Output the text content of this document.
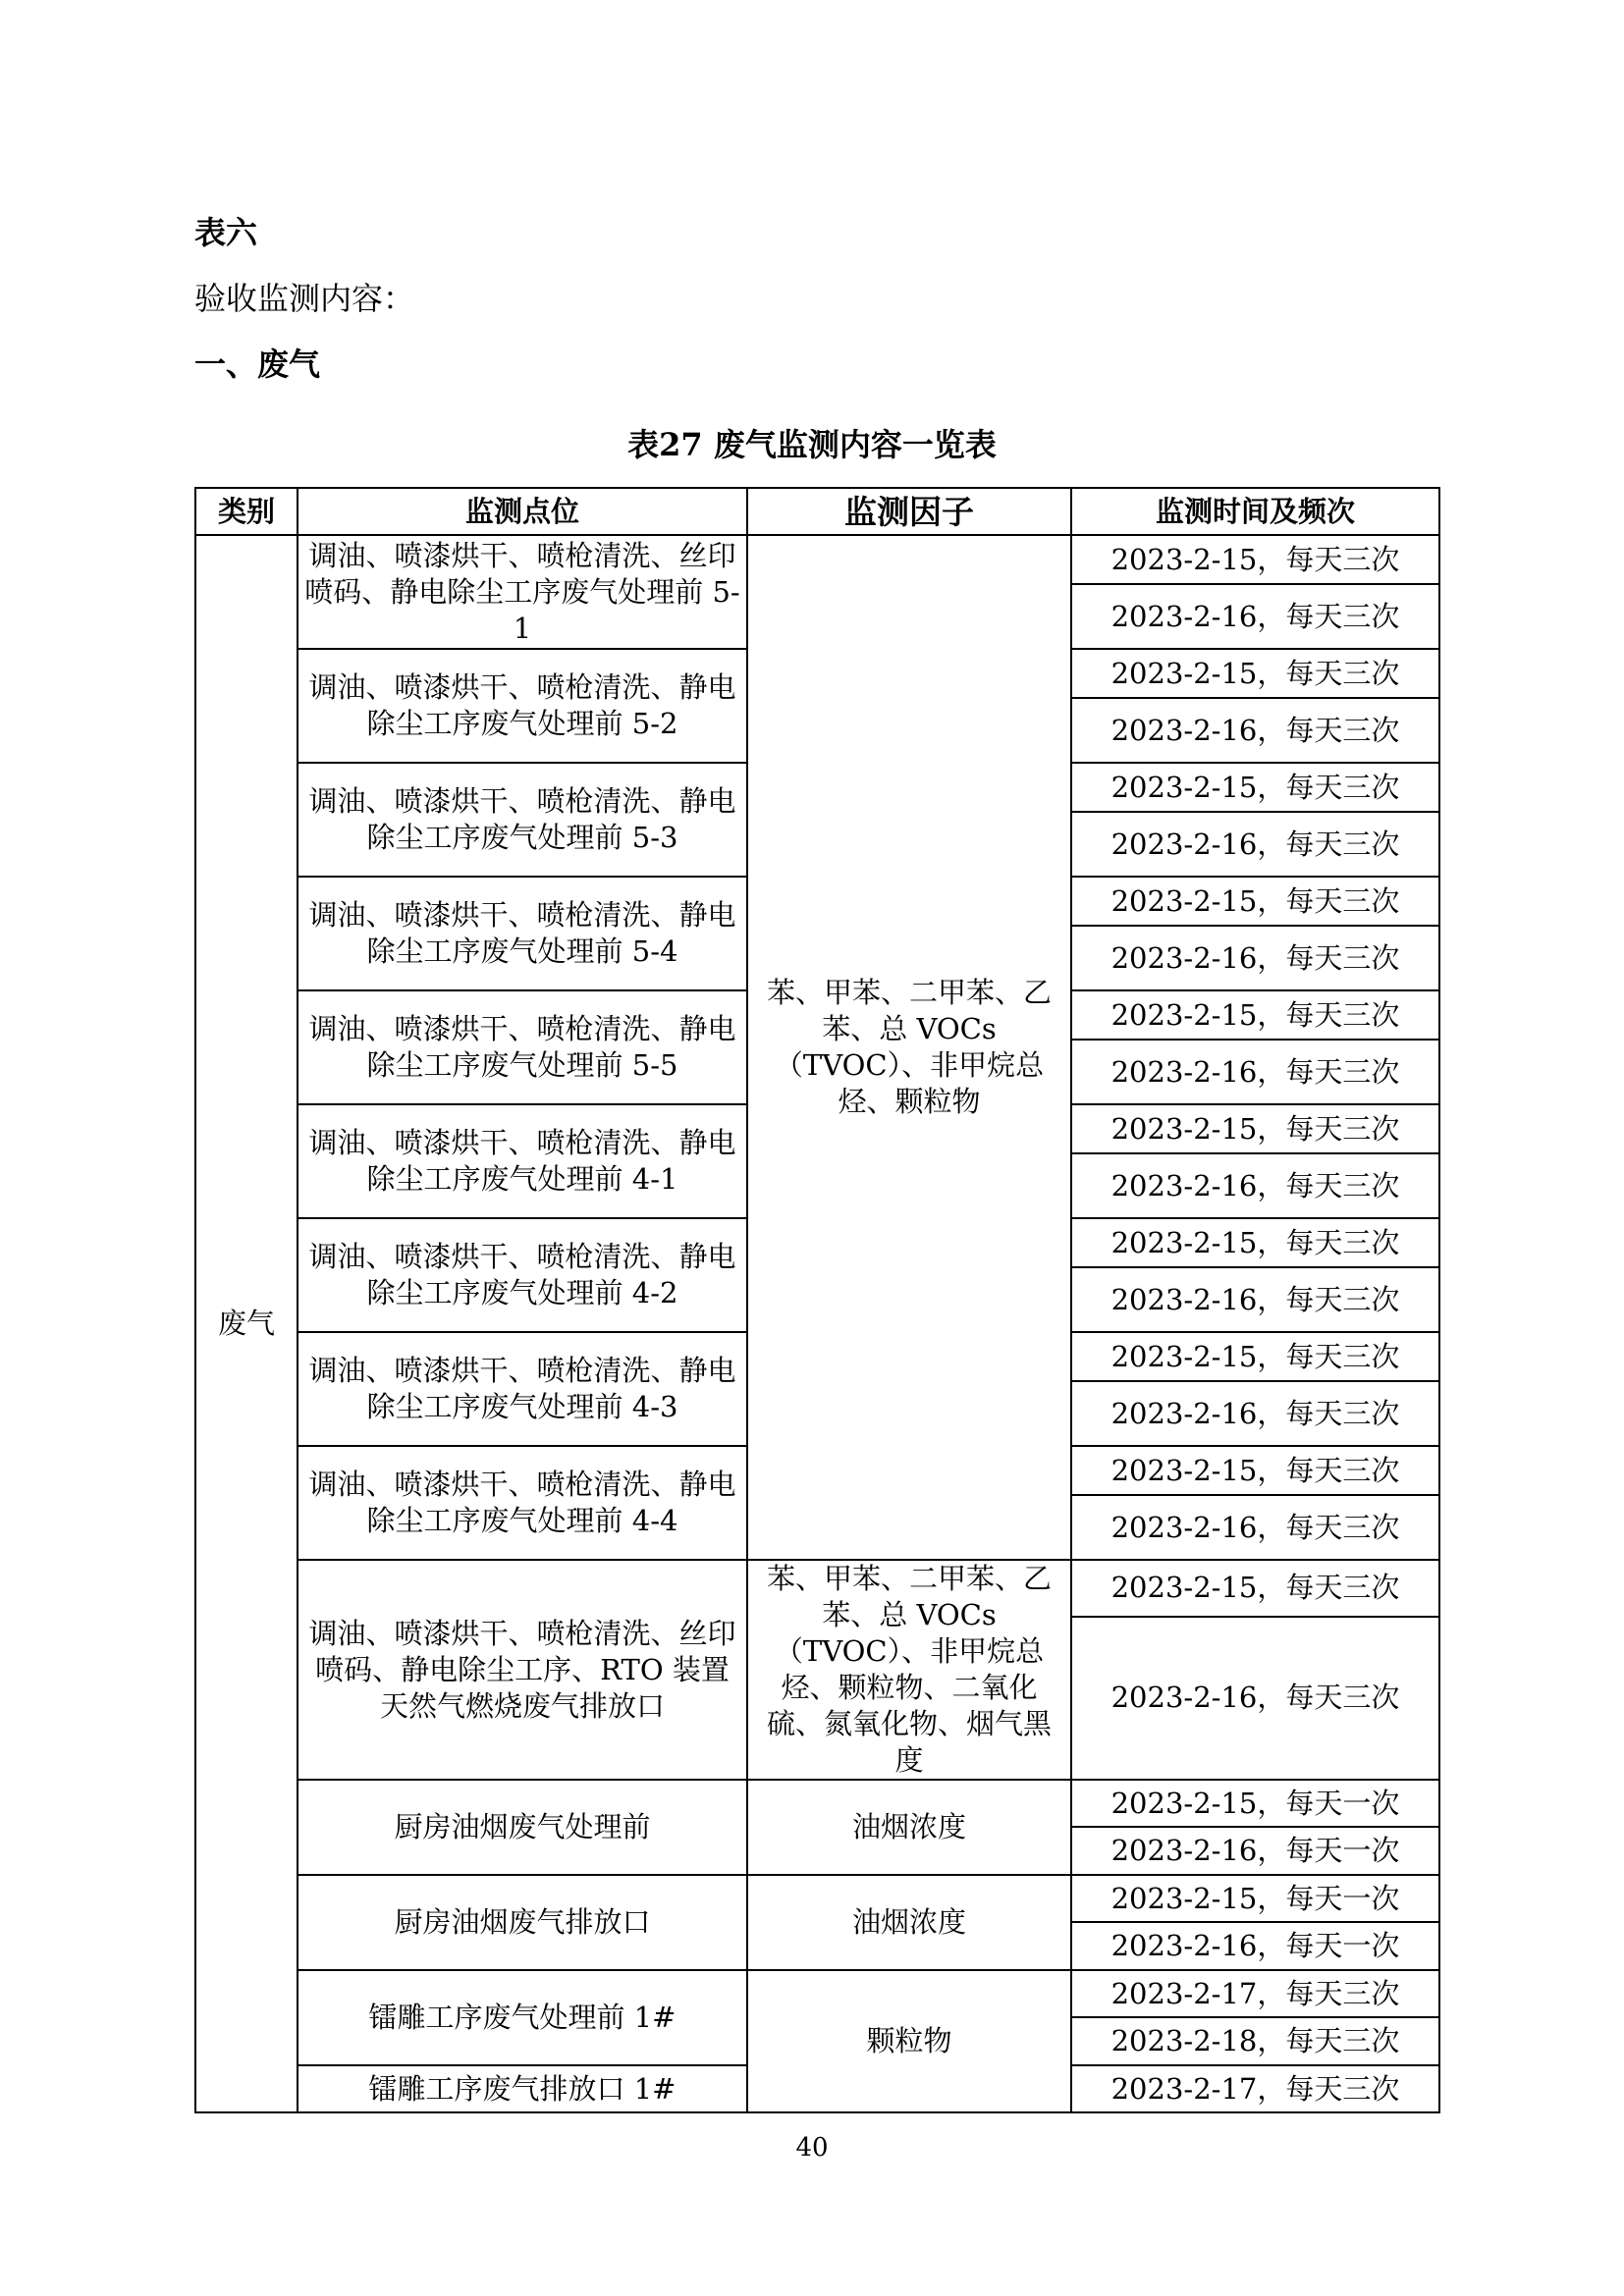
表六
验收监测内容：
一、废气
表27 废气监测内容一览表
类别	监测点位	监测因子	监测时间及频次
废气	调油、喷漆烘干、喷枪清洗、丝印喷码、静电除尘工序废气处理前 5-1	苯、甲苯、二甲苯、乙苯、总 VOCs（TVOC）、非甲烷总烃、颗粒物	2023-2-15，每天三次
			2023-2-16，每天三次
	调油、喷漆烘干、喷枪清洗、静电除尘工序废气处理前 5-2		2023-2-15，每天三次
			2023-2-16，每天三次
	调油、喷漆烘干、喷枪清洗、静电除尘工序废气处理前 5-3		2023-2-15，每天三次
			2023-2-16，每天三次
	调油、喷漆烘干、喷枪清洗、静电除尘工序废气处理前 5-4		2023-2-15，每天三次
			2023-2-16，每天三次
	调油、喷漆烘干、喷枪清洗、静电除尘工序废气处理前 5-5		2023-2-15，每天三次
			2023-2-16，每天三次
	调油、喷漆烘干、喷枪清洗、静电除尘工序废气处理前 4-1		2023-2-15，每天三次
			2023-2-16，每天三次
	调油、喷漆烘干、喷枪清洗、静电除尘工序废气处理前 4-2		2023-2-15，每天三次
			2023-2-16，每天三次
	调油、喷漆烘干、喷枪清洗、静电除尘工序废气处理前 4-3		2023-2-15，每天三次
			2023-2-16，每天三次
	调油、喷漆烘干、喷枪清洗、静电除尘工序废气处理前 4-4		2023-2-15，每天三次
			2023-2-16，每天三次
	调油、喷漆烘干、喷枪清洗、丝印喷码、静电除尘工序、RTO 装置天然气燃烧废气排放口	苯、甲苯、二甲苯、乙苯、总 VOCs（TVOC）、非甲烷总烃、颗粒物、二氧化硫、氮氧化物、烟气黑度	2023-2-15，每天三次
			2023-2-16，每天三次
	厨房油烟废气处理前	油烟浓度	2023-2-15，每天一次
			2023-2-16，每天一次
	厨房油烟废气排放口	油烟浓度	2023-2-15，每天一次
			2023-2-16，每天一次
	镭雕工序废气处理前 1#	颗粒物	2023-2-17，每天三次
			2023-2-18，每天三次
	镭雕工序废气排放口 1#		2023-2-17，每天三次
40
